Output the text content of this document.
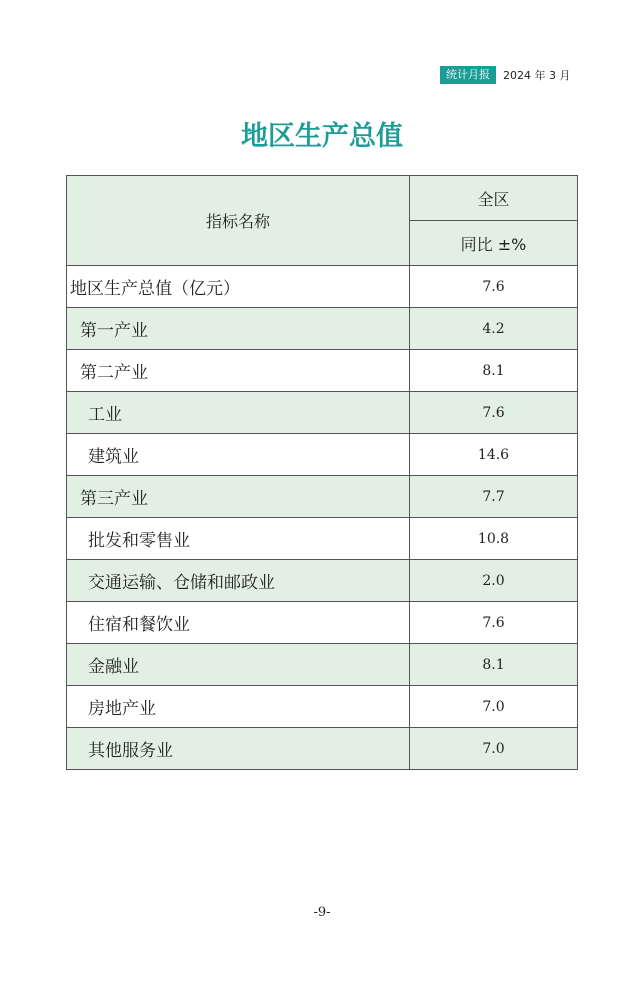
统计月报	2024 年 3 月
地区生产总值
指标名称	全区
	同比 ±%
地区生产总值（亿元）	7.6
第一产业	4.2
第二产业	8.1
工业	7.6
建筑业	14.6
第三产业	7.7
批发和零售业	10.8
交通运输、仓储和邮政业	2.0
住宿和餐饮业	7.6
金融业	8.1
房地产业	7.0
其他服务业	7.0
-9-
